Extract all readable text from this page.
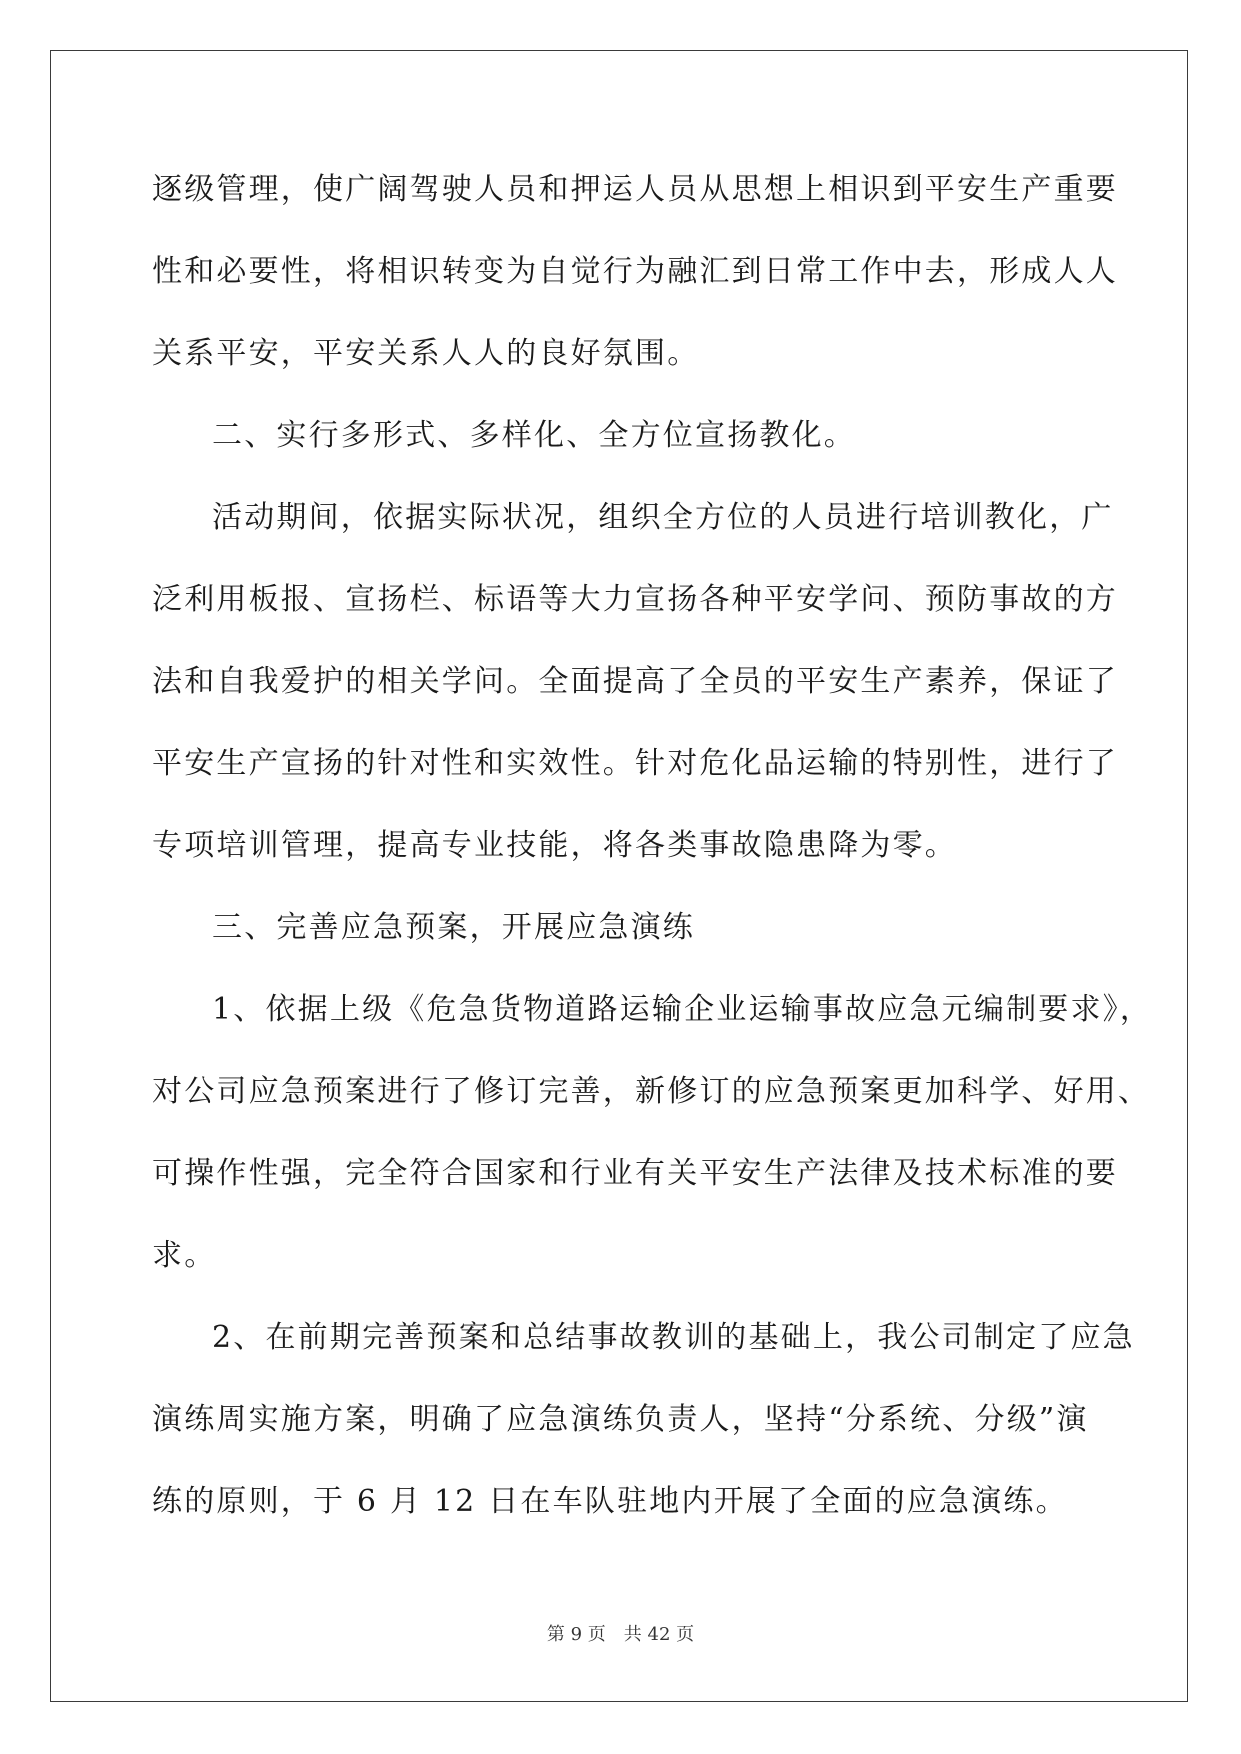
逐级管理，使广阔驾驶人员和押运人员从思想上相识到平安生产重要
性和必要性，将相识转变为自觉行为融汇到日常工作中去，形成人人
关系平安，平安关系人人的良好氛围。
二、实行多形式、多样化、全方位宣扬教化。
活动期间，依据实际状况，组织全方位的人员进行培训教化，广
泛利用板报、宣扬栏、标语等大力宣扬各种平安学问、预防事故的方
法和自我爱护的相关学问。全面提高了全员的平安生产素养，保证了
平安生产宣扬的针对性和实效性。针对危化品运输的特别性，进行了
专项培训管理，提高专业技能，将各类事故隐患降为零。
三、完善应急预案，开展应急演练
1、依据上级《危急货物道路运输企业运输事故应急元编制要求》，
对公司应急预案进行了修订完善，新修订的应急预案更加科学、好用、
可操作性强，完全符合国家和行业有关平安生产法律及技术标准的要
求。
2、在前期完善预案和总结事故教训的基础上，我公司制定了应急
演练周实施方案，明确了应急演练负责人，坚持“分系统、分级”演
练的原则，于 6 月 12 日在车队驻地内开展了全面的应急演练。
第 9 页 共 42 页
